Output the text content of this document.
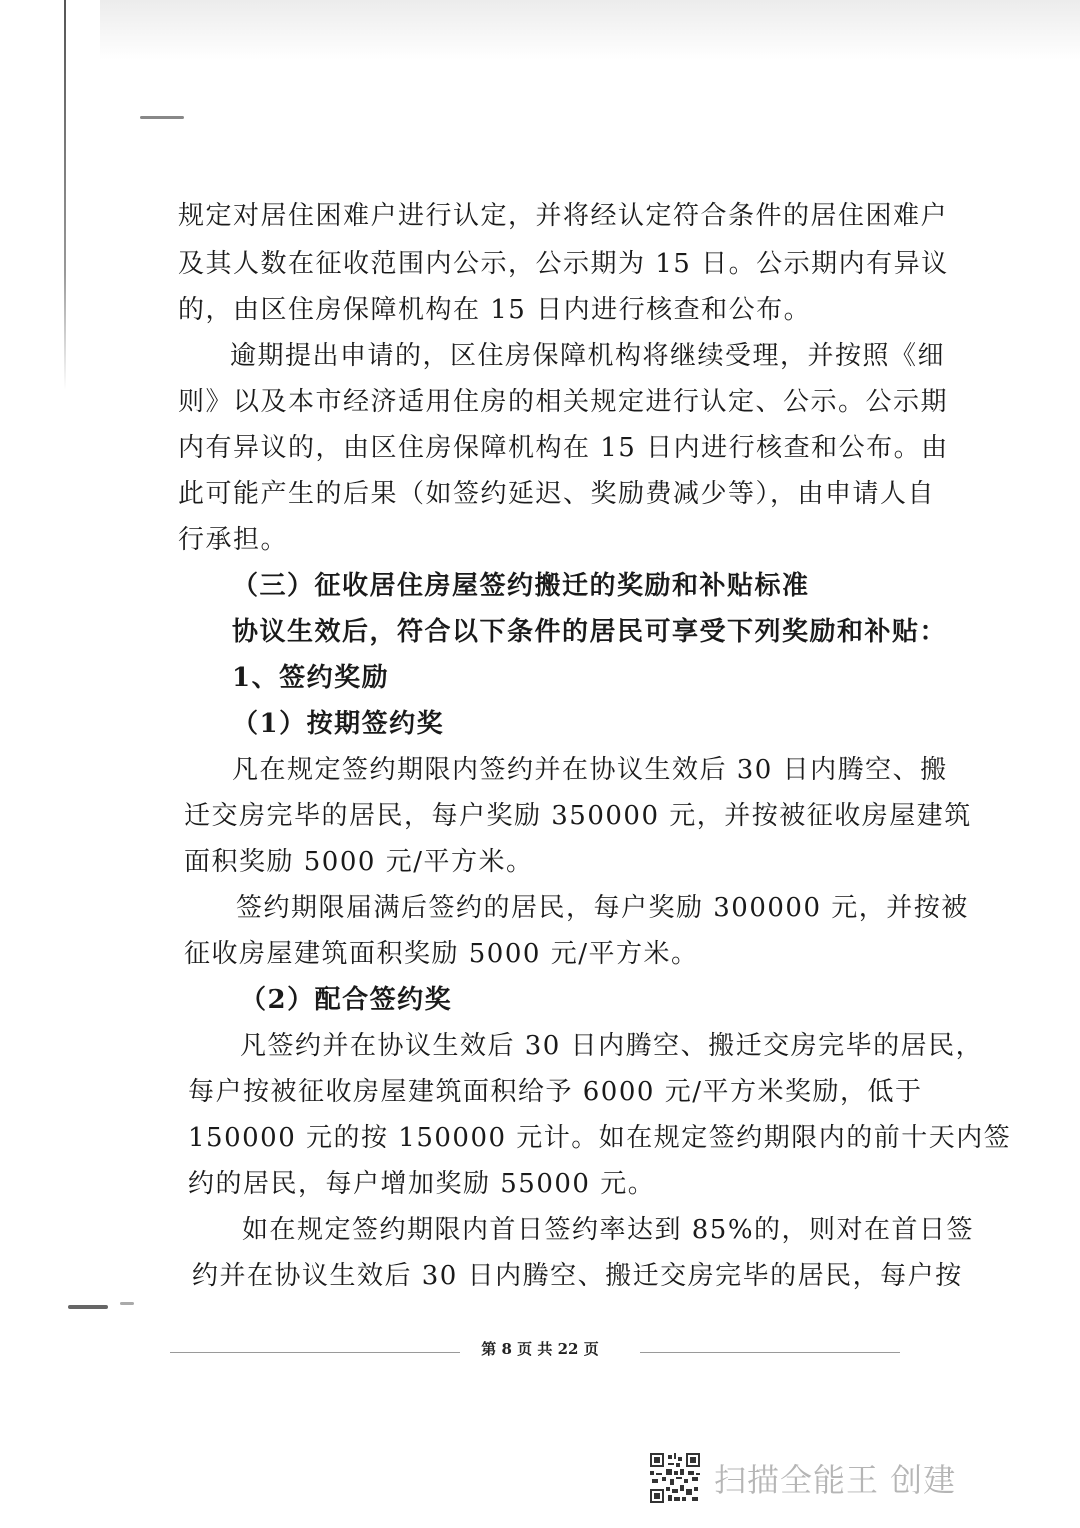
规定对居住困难户进行认定，并将经认定符合条件的居住困难户
及其人数在征收范围内公示，公示期为 15 日。公示期内有异议
的，由区住房保障机构在 15 日内进行核查和公布。
逾期提出申请的，区住房保障机构将继续受理，并按照《细
则》以及本市经济适用住房的相关规定进行认定、公示。公示期
内有异议的，由区住房保障机构在 15 日内进行核查和公布。由
此可能产生的后果（如签约延迟、奖励费减少等），由申请人自
行承担。
（三）征收居住房屋签约搬迁的奖励和补贴标准
协议生效后，符合以下条件的居民可享受下列奖励和补贴：
1、签约奖励
（1）按期签约奖
凡在规定签约期限内签约并在协议生效后 30 日内腾空、搬
迁交房完毕的居民，每户奖励 350000 元，并按被征收房屋建筑
面积奖励 5000 元/平方米。
签约期限届满后签约的居民，每户奖励 300000 元，并按被
征收房屋建筑面积奖励 5000 元/平方米。
（2）配合签约奖
凡签约并在协议生效后 30 日内腾空、搬迁交房完毕的居民，
每户按被征收房屋建筑面积给予 6000 元/平方米奖励，低于
150000 元的按 150000 元计。如在规定签约期限内的前十天内签
约的居民，每户增加奖励 55000 元。
如在规定签约期限内首日签约率达到 85%的，则对在首日签
约并在协议生效后 30 日内腾空、搬迁交房完毕的居民，每户按
第 8 页 共 22 页
扫描全能王 创建
